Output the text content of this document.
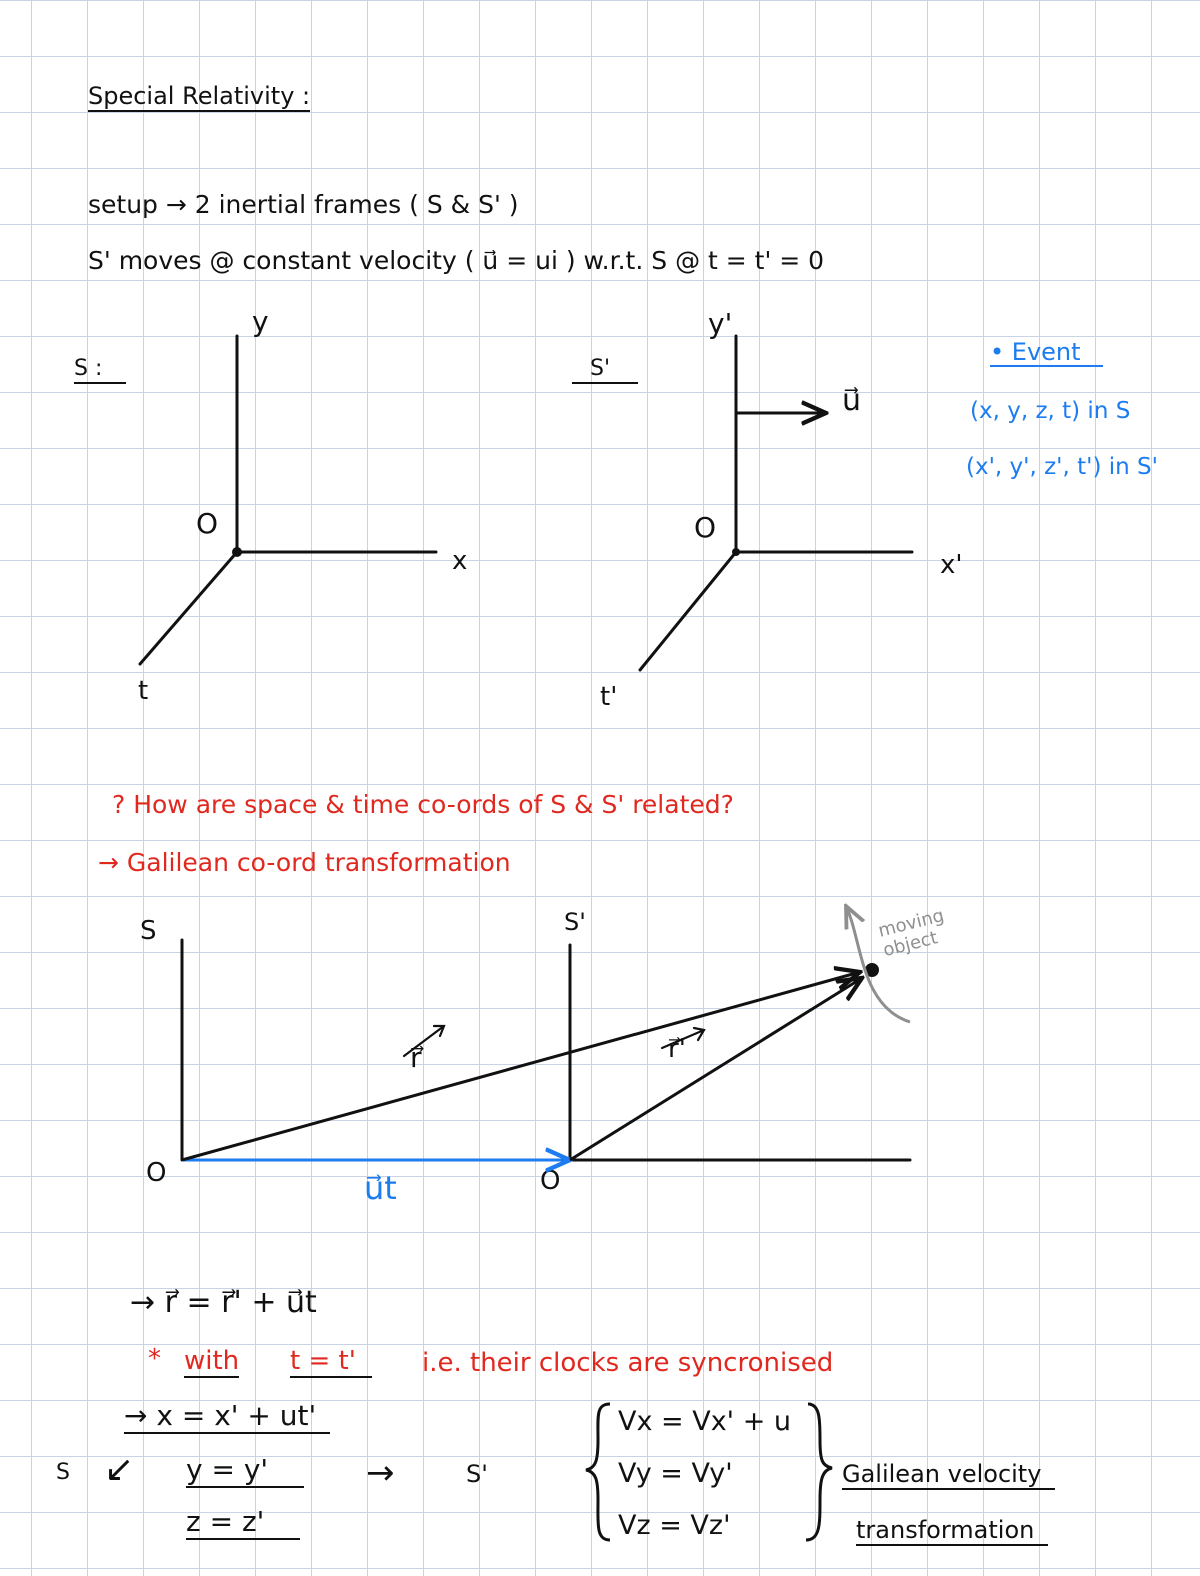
Special Relativity :
setup → 2 inertial frames ( S & S' )
S' moves @ constant velocity ( u⃗ = ui ) w.r.t. S @ t = t' = 0
S :
y
x
t
O
S'
y'
x'
t'
O
u⃗
• Event
(x, y, z, t) in S
(x', y', z', t') in S'
? How are space & time co-ords of S & S' related?
→ Galilean co-ord transformation
S	S'
r⃗	r⃗'
u⃗t
O	O
moving object
→ r⃗ = r⃗' + u⃗t
* with t = t'	i.e. their clocks are syncronised
→ x = x' + ut'
y = y'
z = z'
S ↙	→	S'
Vx = Vx' + u
Vy = Vy'
Vz = Vz'
Galilean velocity
transformation
